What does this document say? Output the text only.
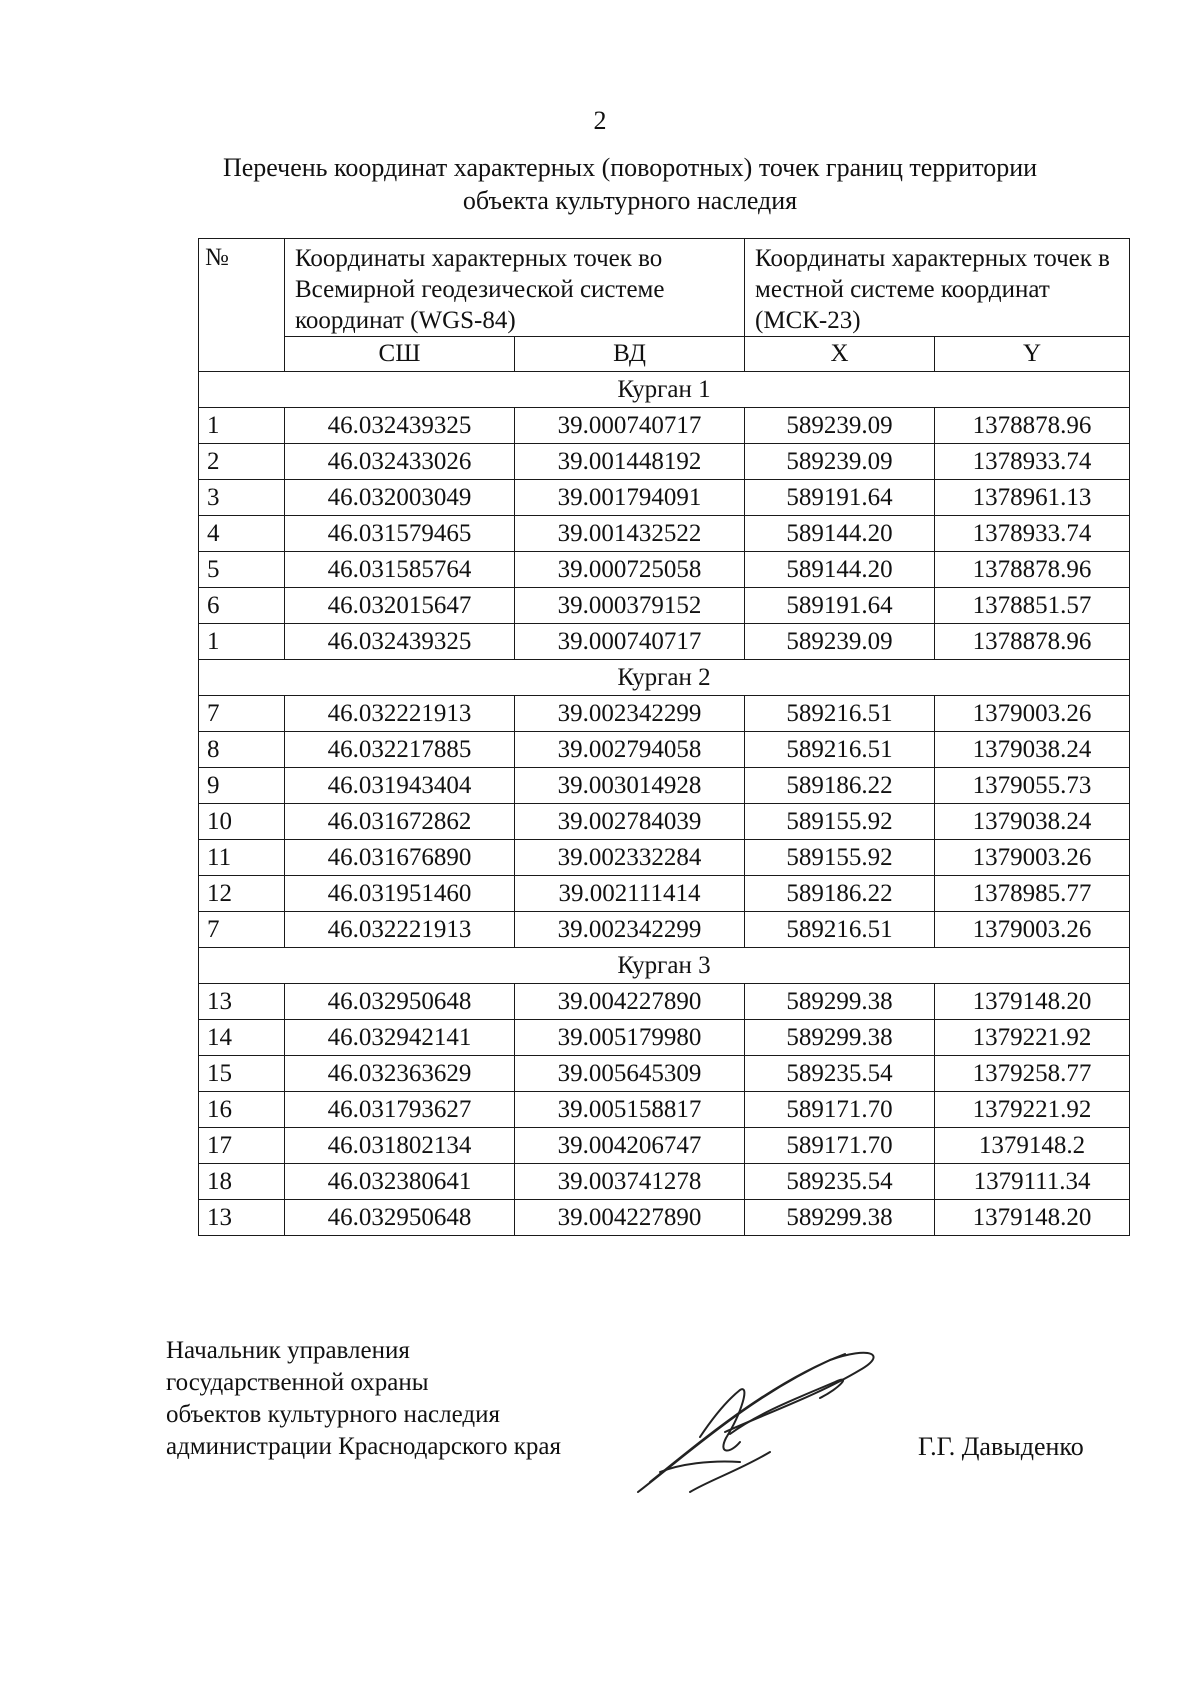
2
Перечень координат характерных (поворотных) точек границ территории
объекта культурного наследия
№	Координаты характерных точек во Всемирной геодезической системе координат (WGS-84)		Координаты характерных точек в местной системе координат (МСК-23)	
	СШ	ВД	X	Y
Курган 1				
1	46.032439325	39.000740717	589239.09	1378878.96
2	46.032433026	39.001448192	589239.09	1378933.74
3	46.032003049	39.001794091	589191.64	1378961.13
4	46.031579465	39.001432522	589144.20	1378933.74
5	46.031585764	39.000725058	589144.20	1378878.96
6	46.032015647	39.000379152	589191.64	1378851.57
1	46.032439325	39.000740717	589239.09	1378878.96
Курган 2				
7	46.032221913	39.002342299	589216.51	1379003.26
8	46.032217885	39.002794058	589216.51	1379038.24
9	46.031943404	39.003014928	589186.22	1379055.73
10	46.031672862	39.002784039	589155.92	1379038.24
11	46.031676890	39.002332284	589155.92	1379003.26
12	46.031951460	39.002111414	589186.22	1378985.77
7	46.032221913	39.002342299	589216.51	1379003.26
Курган 3				
13	46.032950648	39.004227890	589299.38	1379148.20
14	46.032942141	39.005179980	589299.38	1379221.92
15	46.032363629	39.005645309	589235.54	1379258.77
16	46.031793627	39.005158817	589171.70	1379221.92
17	46.031802134	39.004206747	589171.70	1379148.2
18	46.032380641	39.003741278	589235.54	1379111.34
13	46.032950648	39.004227890	589299.38	1379148.20
Начальник управления
государственной охраны
объектов культурного наследия
администрации Краснодарского края	Г.Г. Давыденко
